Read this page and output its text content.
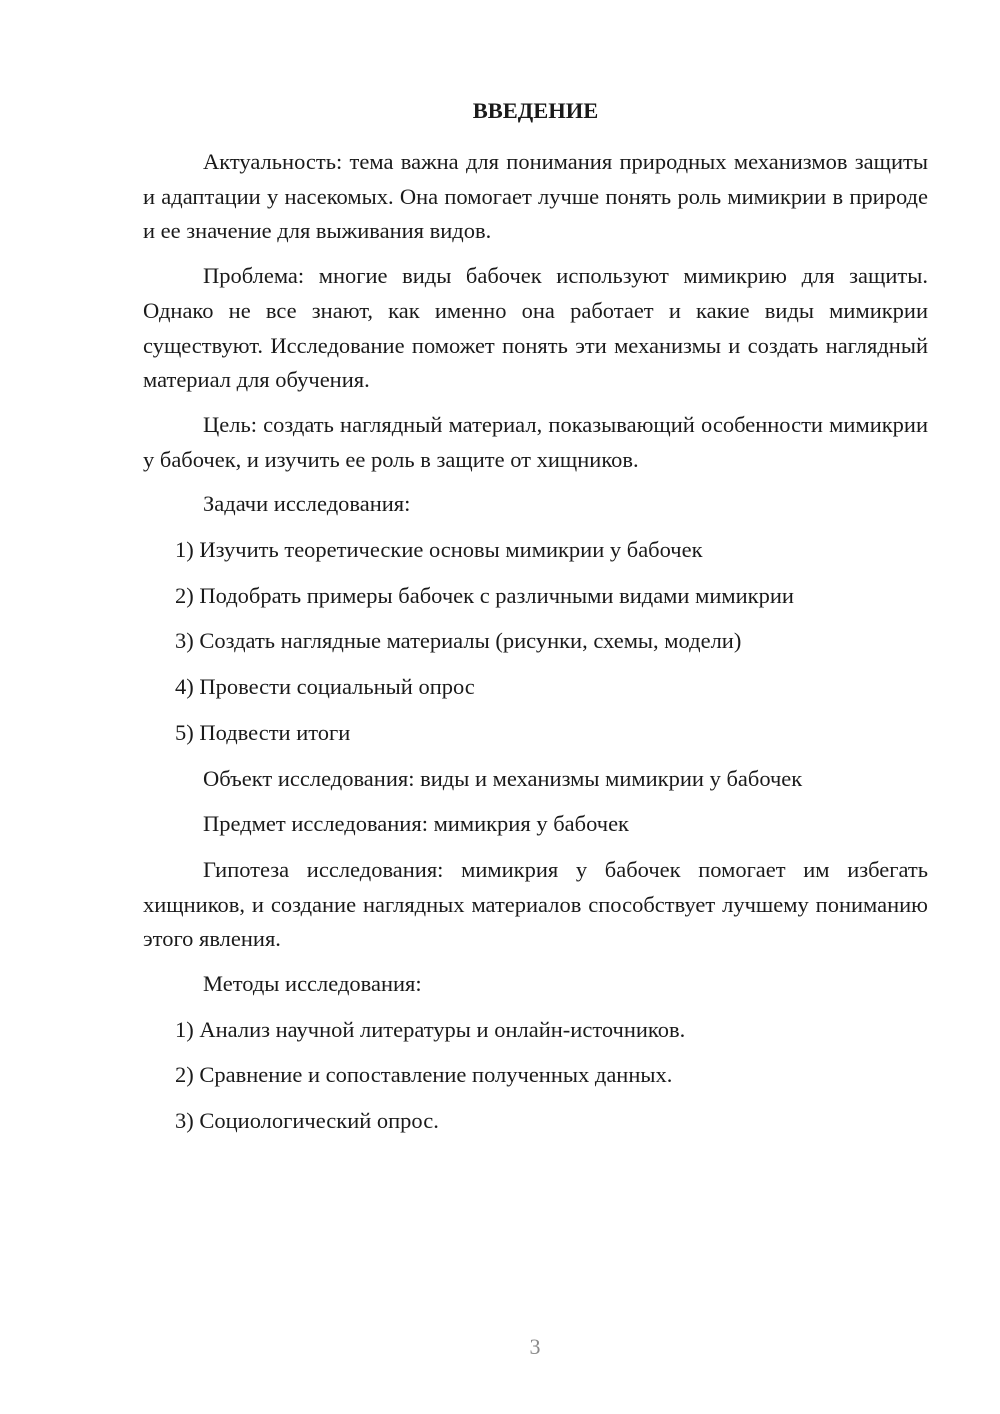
ВВЕДЕНИЕ

Актуальность: тема важна для понимания природных механизмов защиты и адаптации у насекомых. Она помогает лучше понять роль мимикрии в природе и ее значение для выживания видов.

Проблема: многие виды бабочек используют мимикрию для защиты. Однако не все знают, как именно она работает и какие виды мимикрии существуют. Исследование поможет понять эти механизмы и создать наглядный материал для обучения.

Цель: создать наглядный материал, показывающий особенности мимикрии у бабочек, и изучить ее роль в защите от хищников.

Задачи исследования:

1) Изучить теоретические основы мимикрии у бабочек

2) Подобрать примеры бабочек с различными видами мимикрии

3) Создать наглядные материалы (рисунки, схемы, модели)

4) Провести социальный опрос

5) Подвести итоги

Объект исследования: виды и механизмы мимикрии у бабочек

Предмет исследования: мимикрия у бабочек

Гипотеза исследования: мимикрия у бабочек помогает им избегать хищников, и создание наглядных материалов способствует лучшему пониманию этого явления.

Методы исследования:

1) Анализ научной литературы и онлайн-источников.

2) Сравнение и сопоставление полученных данных.

3) Социологический опрос.

3
